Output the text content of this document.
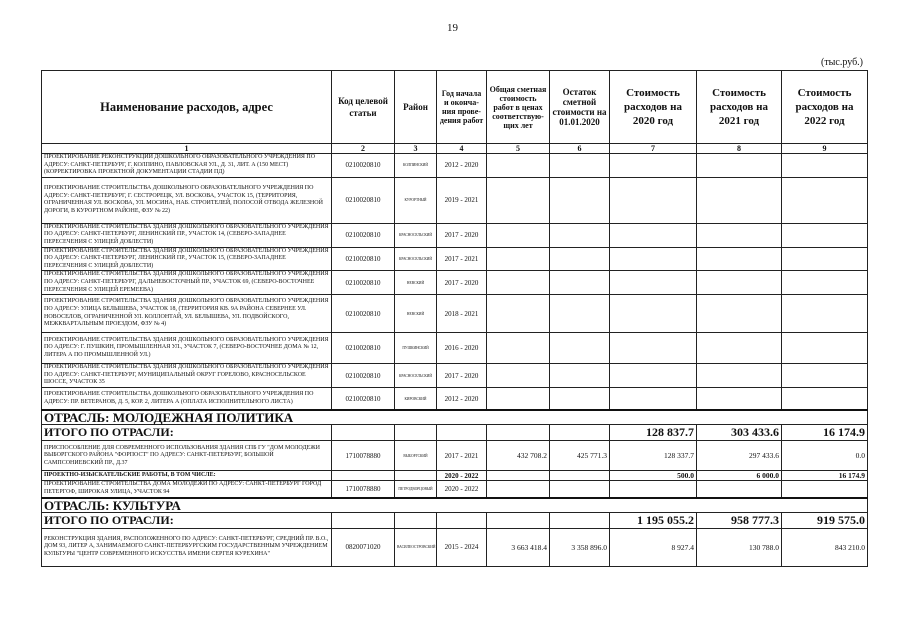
19
(тыс.руб.)
Наименование расходов, адрес	Код целевой статьи	Район	Год начала и оконча-ния прове-дения работ	Общая сметная стоимость работ в ценах соответствую-щих лет	Остаток сметной стоимости на 01.01.2020	Стоимость расходов на 2020 год	Стоимость расходов на 2021 год	Стоимость расходов на 2022 год
1	2	3	4	5	6	7	8	9
ПРОЕКТИРОВАНИЕ РЕКОНСТРУКЦИИ ДОШКОЛЬНОГО ОБРАЗОВАТЕЛЬНОГО УЧРЕЖДЕНИЯ ПО АДРЕСУ: САНКТ-ПЕТЕРБУРГ, Г. КОЛПИНО, ПАВЛОВСКАЯ УЛ., Д. 31, ЛИТ. А (150 МЕСТ) (КОРРЕКТИРОВКА ПРОЕКТНОЙ ДОКУМЕНТАЦИИ СТАДИИ ПД)	0210020810	КОЛПИНСКИЙ	2012 - 2020					
ПРОЕКТИРОВАНИЕ СТРОИТЕЛЬСТВА ДОШКОЛЬНОГО ОБРАЗОВАТЕЛЬНОГО УЧРЕЖДЕНИЯ ПО АДРЕСУ: САНКТ-ПЕТЕРБУРГ, Г. СЕСТРОРЕЦК, УЛ. ВОСКОВА, УЧАСТОК 15, (ТЕРРИТОРИЯ, ОГРАНИЧЕННАЯ УЛ. ВОСКОВА, УЛ. МОСИНА, НАБ. СТРОИТЕЛЕЙ, ПОЛОСОЙ ОТВОДА ЖЕЛЕЗНОЙ ДОРОГИ, В КУРОРТНОМ РАЙОНЕ, ФЗУ № 22)	0210020810	КУРОРТНЫЙ	2019 - 2021					
ПРОЕКТИРОВАНИЕ СТРОИТЕЛЬСТВА ЗДАНИЯ ДОШКОЛЬНОГО ОБРАЗОВАТЕЛЬНОГО УЧРЕЖДЕНИЯ ПО АДРЕСУ: САНКТ-ПЕТЕРБУРГ, ЛЕНИНСКИЙ ПР., УЧАСТОК 14, (СЕВЕРО-ЗАПАДНЕЕ ПЕРЕСЕЧЕНИЯ С УЛИЦЕЙ ДОБЛЕСТИ)	0210020810	КРАСНОСЕЛЬСКИЙ	2017 - 2020					
ПРОЕКТИРОВАНИЕ СТРОИТЕЛЬСТВА ЗДАНИЯ ДОШКОЛЬНОГО ОБРАЗОВАТЕЛЬНОГО УЧРЕЖДЕНИЯ ПО АДРЕСУ: САНКТ-ПЕТЕРБУРГ, ЛЕНИНСКИЙ ПР., УЧАСТОК 15, (СЕВЕРО-ЗАПАДНЕЕ ПЕРЕСЕЧЕНИЯ С УЛИЦЕЙ ДОБЛЕСТИ)	0210020810	КРАСНОСЕЛЬСКИЙ	2017 - 2021					
ПРОЕКТИРОВАНИЕ СТРОИТЕЛЬСТВА ЗДАНИЯ ДОШКОЛЬНОГО ОБРАЗОВАТЕЛЬНОГО УЧРЕЖДЕНИЯ ПО АДРЕСУ: САНКТ-ПЕТЕРБУРГ, ДАЛЬНЕВОСТОЧНЫЙ ПР., УЧАСТОК 69, (СЕВЕРО-ВОСТОЧНЕЕ ПЕРЕСЕЧЕНИЯ С УЛИЦЕЙ ЕРЕМЕЕВА)	0210020810	НЕВСКИЙ	2017 - 2020					
ПРОЕКТИРОВАНИЕ СТРОИТЕЛЬСТВА ЗДАНИЯ ДОШКОЛЬНОГО ОБРАЗОВАТЕЛЬНОГО УЧРЕЖДЕНИЯ ПО АДРЕСУ: УЛИЦА БЕЛЫШЕВА, УЧАСТОК 18, (ТЕРРИТОРИЯ КВ. 9А РАЙОНА СЕВЕРНЕЕ УЛ. НОВОСЕЛОВ, ОГРАНИЧЕННОЙ УЛ. КОЛЛОНТАЙ, УЛ. БЕЛЫШЕВА, УЛ. ПОДВОЙСКОГО, МЕЖКВАРТАЛЬНЫМ ПРОЕЗДОМ, ФЗУ № 4)	0210020810	НЕВСКИЙ	2018 - 2021					
ПРОЕКТИРОВАНИЕ СТРОИТЕЛЬСТВА ЗДАНИЯ ДОШКОЛЬНОГО ОБРАЗОВАТЕЛЬНОГО УЧРЕЖДЕНИЯ ПО АДРЕСУ: Г. ПУШКИН, ПРОМЫШЛЕННАЯ УЛ., УЧАСТОК 7, (СЕВЕРО-ВОСТОЧНЕЕ ДОМА № 12, ЛИТЕРА А ПО ПРОМЫШЛЕННОЙ УЛ.)	0210020810	ПУШКИНСКИЙ	2016 - 2020					
ПРОЕКТИРОВАНИЕ СТРОИТЕЛЬСТВА ЗДАНИЯ ДОШКОЛЬНОГО ОБРАЗОВАТЕЛЬНОГО УЧРЕЖДЕНИЯ ПО АДРЕСУ: САНКТ-ПЕТЕРБУРГ, МУНИЦИПАЛЬНЫЙ ОКРУГ ГОРЕЛОВО, КРАСНОСЕЛЬСКОЕ ШОССЕ, УЧАСТОК 35	0210020810	КРАСНОСЕЛЬСКИЙ	2017 - 2020					
ПРОЕКТИРОВАНИЕ СТРОИТЕЛЬСТВА ДОШКОЛЬНОГО ОБРАЗОВАТЕЛЬНОГО УЧРЕЖДЕНИЯ ПО АДРЕСУ: ПР. ВЕТЕРАНОВ, Д. 5, КОР. 2, ЛИТЕРА А (ОПЛАТА ИСПОЛНИТЕЛЬНОГО ЛИСТА)	0210020810	КИРОВСКИЙ	2012 - 2020					
ОТРАСЛЬ: МОЛОДЕЖНАЯ ПОЛИТИКА								
ИТОГО ПО ОТРАСЛИ:						128 837.7	303 433.6	16 174.9
ПРИСПОСОБЛЕНИЕ ДЛЯ СОВРЕМЕННОГО ИСПОЛЬЗОВАНИЯ ЗДАНИЯ СПБ ГУ "ДОМ МОЛОДЕЖИ ВЫБОРГСКОГО РАЙОНА "ФОРПОСТ" ПО АДРЕСУ: САНКТ-ПЕТЕРБУРГ, БОЛЬШОЙ САМПСОНИЕВСКИЙ ПР., Д.37	1710078880	ВЫБОРГСКИЙ	2017 - 2021	432 708.2	425 771.3	128 337.7	297 433.6	0.0
ПРОЕКТНО-ИЗЫСКАТЕЛЬСКИЕ РАБОТЫ, В ТОМ ЧИСЛЕ:			2020 - 2022			500.0	6 000.0	16 174.9
ПРОЕКТИРОВАНИЕ СТРОИТЕЛЬСТВА ДОМА МОЛОДЕЖИ ПО АДРЕСУ: САНКТ-ПЕТЕРБУРГ ГОРОД ПЕТЕРГОФ, ШИРОКАЯ УЛИЦА, УЧАСТОК 94	1710078880	ПЕТРОДВОРЦОВЫЙ	2020 - 2022					
ОТРАСЛЬ: КУЛЬТУРА								
ИТОГО ПО ОТРАСЛИ:						1 195 055.2	958 777.3	919 575.0
РЕКОНСТРУКЦИЯ ЗДАНИЯ, РАСПОЛОЖЕННОГО ПО АДРЕСУ: САНКТ-ПЕТЕРБУРГ, СРЕДНИЙ ПР. В.О., ДОМ 93, ЛИТЕР А, ЗАНИМАЕМОГО САНКТ-ПЕТЕРБУРГСКИМ ГОСУДАРСТВЕННЫМ УЧРЕЖДЕНИЕМ КУЛЬТУРЫ "ЦЕНТР СОВРЕМЕННОГО ИСКУССТВА ИМЕНИ СЕРГЕЯ КУРЕХИНА"	0820071020	ВАСИЛЕОСТРОВСКИЙ	2015 - 2024	3 663 418.4	3 358 896.0	8 927.4	130 788.0	843 210.0
